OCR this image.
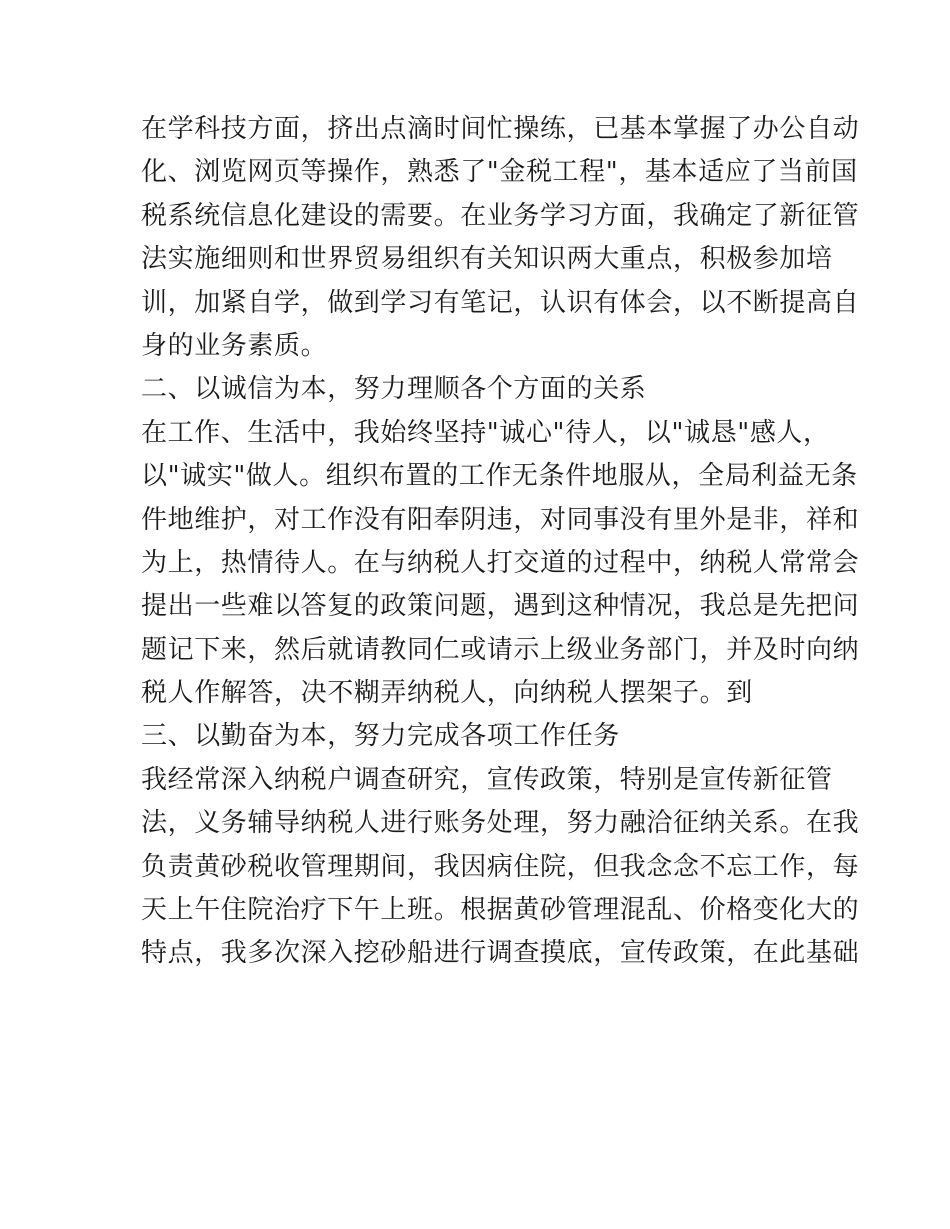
在学科技方面，挤出点滴时间忙操练，已基本掌握了办公自动
化、浏览网页等操作，熟悉了"金税工程"，基本适应了当前国
税系统信息化建设的需要。在业务学习方面，我确定了新征管
法实施细则和世界贸易组织有关知识两大重点，积极参加培
训，加紧自学，做到学习有笔记，认识有体会，以不断提高自
身的业务素质。
二、以诚信为本，努力理顺各个方面的关系
在工作、生活中，我始终坚持"诚心"待人，以"诚恳"感人，
以"诚实"做人。组织布置的工作无条件地服从，全局利益无条
件地维护，对工作没有阳奉阴违，对同事没有里外是非，祥和
为上，热情待人。在与纳税人打交道的过程中，纳税人常常会
提出一些难以答复的政策问题，遇到这种情况，我总是先把问
题记下来，然后就请教同仁或请示上级业务部门，并及时向纳
税人作解答，决不糊弄纳税人，向纳税人摆架子。到
三、以勤奋为本，努力完成各项工作任务
我经常深入纳税户调查研究，宣传政策，特别是宣传新征管
法，义务辅导纳税人进行账务处理，努力融洽征纳关系。在我
负责黄砂税收管理期间，我因病住院，但我念念不忘工作，每
天上午住院治疗下午上班。根据黄砂管理混乱、价格变化大的
特点，我多次深入挖砂船进行调查摸底，宣传政策，在此基础
